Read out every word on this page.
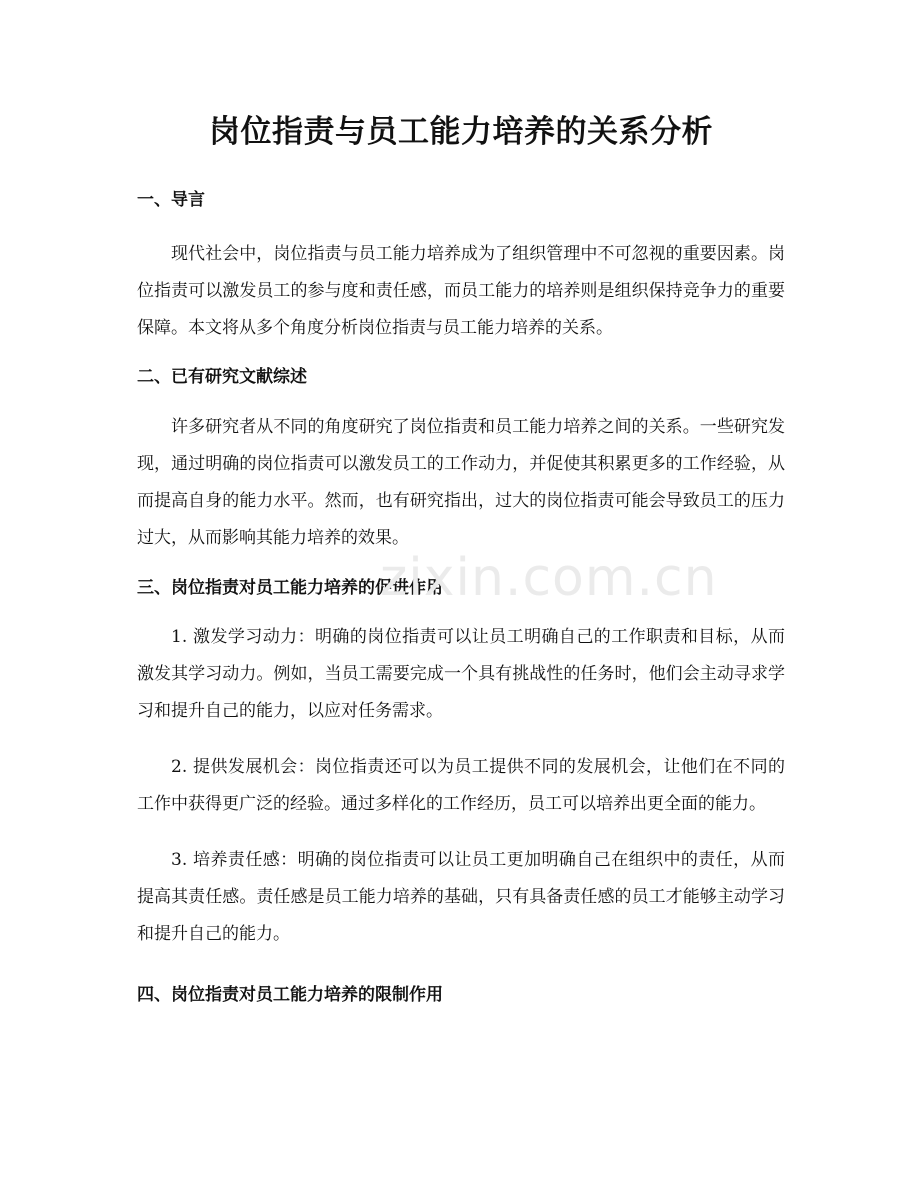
岗位指责与员工能力培养的关系分析
一、导言

现代社会中，岗位指责与员工能力培养成为了组织管理中不可忽视的重要因素。岗位指责可以激发员工的参与度和责任感，而员工能力的培养则是组织保持竞争力的重要保障。本文将从多个角度分析岗位指责与员工能力培养的关系。

二、已有研究文献综述

许多研究者从不同的角度研究了岗位指责和员工能力培养之间的关系。一些研究发现，通过明确的岗位指责可以激发员工的工作动力，并促使其积累更多的工作经验，从而提高自身的能力水平。然而，也有研究指出，过大的岗位指责可能会导致员工的压力过大，从而影响其能力培养的效果。

三、岗位指责对员工能力培养的促进作用

1. 激发学习动力：明确的岗位指责可以让员工明确自己的工作职责和目标，从而激发其学习动力。例如，当员工需要完成一个具有挑战性的任务时，他们会主动寻求学习和提升自己的能力，以应对任务需求。

2. 提供发展机会：岗位指责还可以为员工提供不同的发展机会，让他们在不同的工作中获得更广泛的经验。通过多样化的工作经历，员工可以培养出更全面的能力。

3. 培养责任感：明确的岗位指责可以让员工更加明确自己在组织中的责任，从而提高其责任感。责任感是员工能力培养的基础，只有具备责任感的员工才能够主动学习和提升自己的能力。

四、岗位指责对员工能力培养的限制作用
zixin.com.cn
